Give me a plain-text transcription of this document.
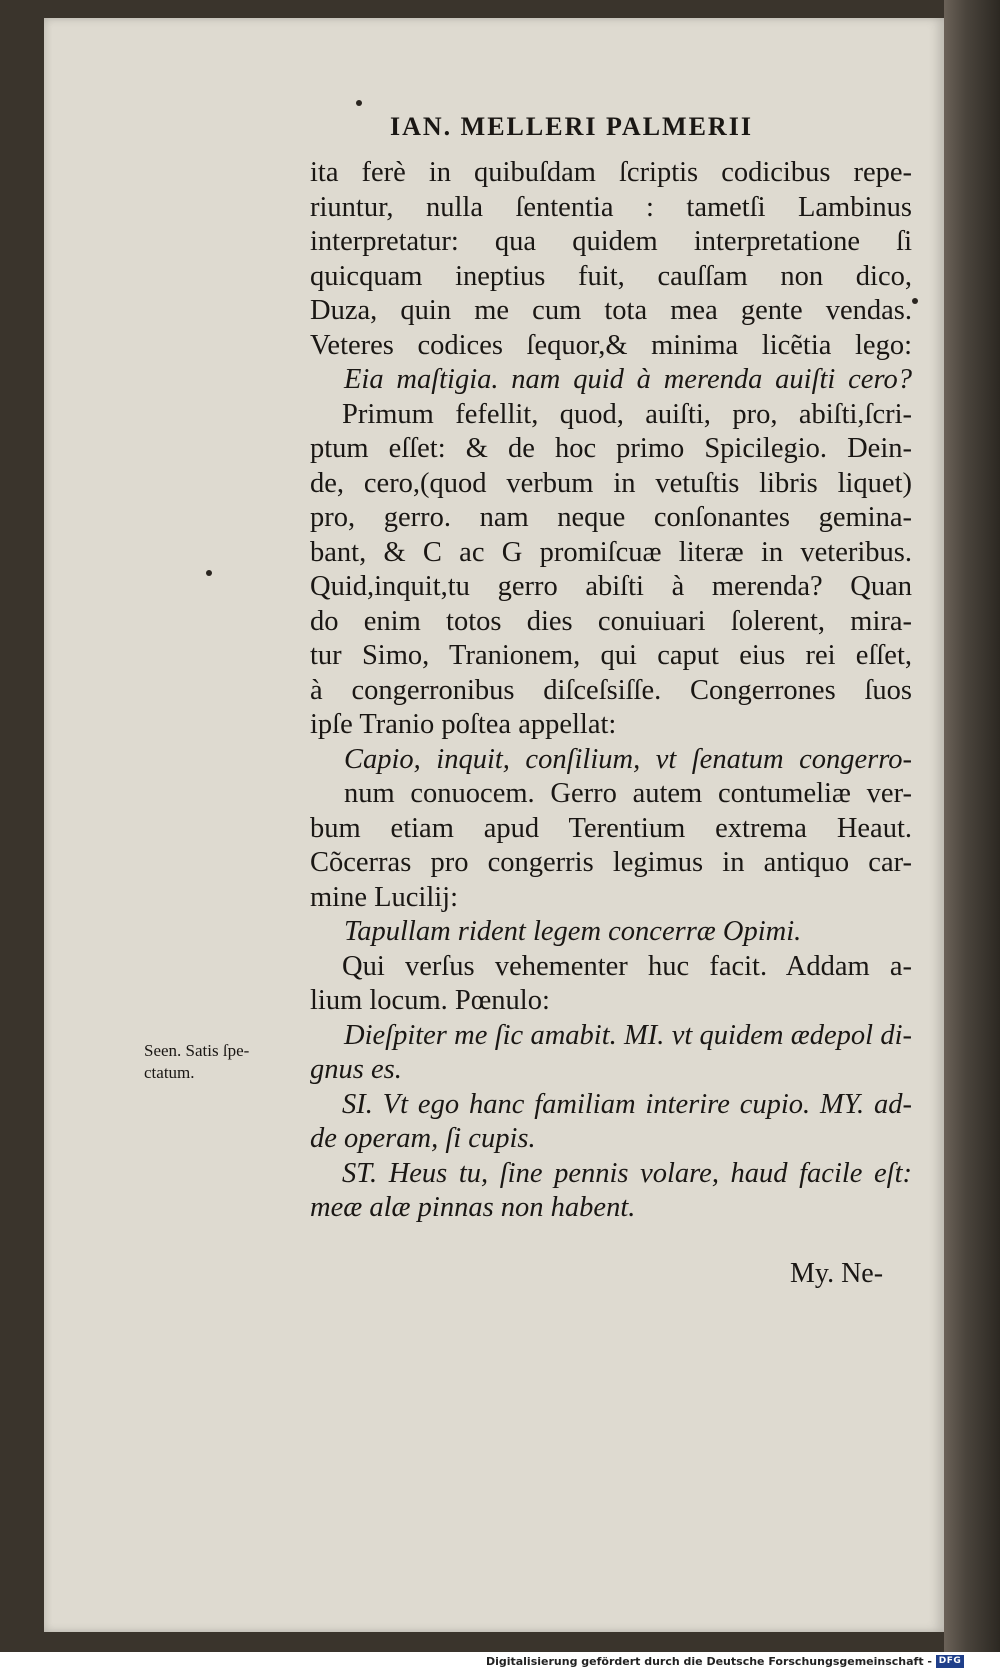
IAN. MELLERI PALMERII
ita ferè in quibuſdam ſcriptis codicibus repe-
riuntur, nulla ſententia : tametſi Lambinus
interpretatur: qua quidem interpretatione ſi
quicquam ineptius fuit, cauſſam non dico,
Duza, quin me cum tota mea gente vendas.
Veteres codices ſequor,& minima licẽtia lego:
Eia maſtigia. nam quid à merenda auiſti cero?
Primum fefellit, quod, auiſti, pro, abiſti,ſcri-
ptum eſſet: & de hoc primo Spicilegio. Dein-
de, cero,(quod verbum in vetuſtis libris liquet)
pro, gerro. nam neque conſonantes gemina-
bant, & C ac G promiſcuæ literæ in veteribus.
Quid,inquit,tu gerro abiſti à merenda? Quan
do enim totos dies conuiuari ſolerent, mira-
tur Simo, Tranionem, qui caput eius rei eſſet,
à congerronibus diſceſsiſſe. Congerrones ſuos
ipſe Tranio poſtea appellat:
Capio, inquit, conſilium, vt ſenatum congerro-
num conuocem. Gerro autem contumeliæ ver-
bum etiam apud Terentium extrema Heaut.
Cõcerras pro congerris legimus in antiquo car-
mine Lucilij:
Tapullam rident legem concerræ Opimi.
Qui verſus vehementer huc facit. Addam a-
lium locum. Pœnulo:
Dieſpiter me ſic amabit. MI. vt quidem ædepol di-
gnus es.
SI. Vt ego hanc familiam interire cupio. MY. ad-
de operam, ſi cupis.
ST. Heus tu, ſine pennis volare, haud facile eſt:
meæ alæ pinnas non habent.
Seen. Satis ſpe-
ctatum.
My. Ne-
Digitalisierung gefördert durch die Deutsche Forschungsgemeinschaft - DFG
